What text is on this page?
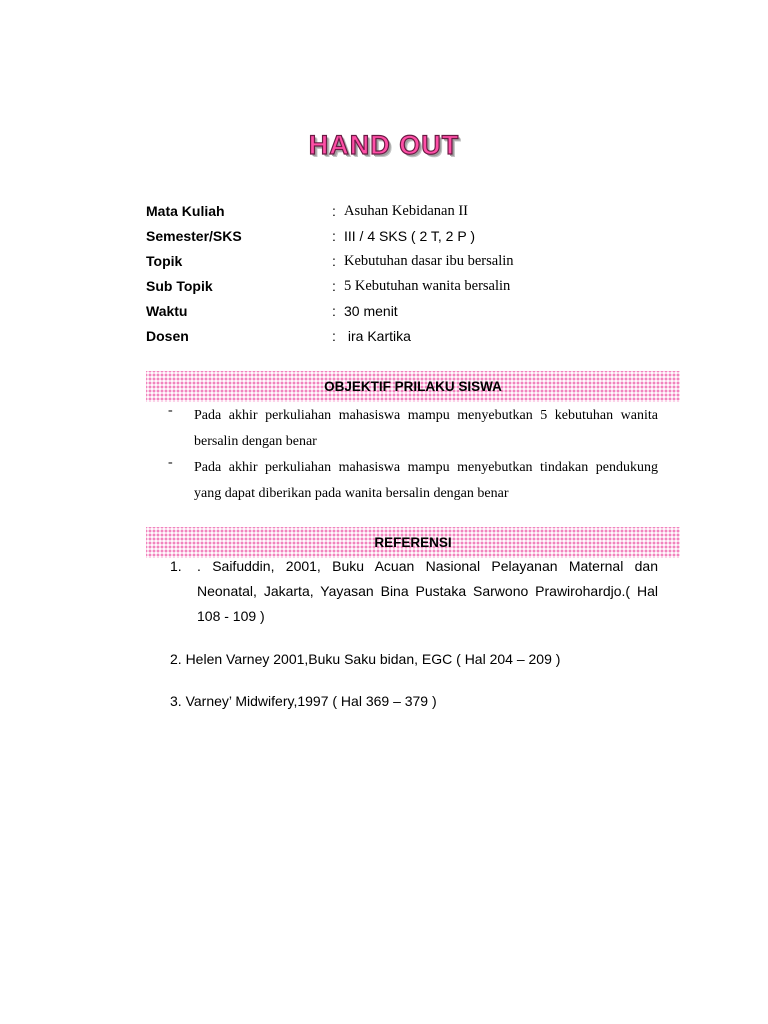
HAND OUT
Mata Kuliah	: Asuhan Kebidanan II
Semester/SKS	: III / 4 SKS ( 2 T, 2 P )
Topik	: Kebutuhan dasar ibu bersalin
Sub Topik	: 5 Kebutuhan wanita bersalin
Waktu	: 30 menit
Dosen	: ira Kartika
OBJEKTIF PRILAKU SISWA
- Pada akhir perkuliahan mahasiswa mampu menyebutkan 5 kebutuhan wanita bersalin dengan benar
- Pada akhir perkuliahan mahasiswa mampu menyebutkan tindakan pendukung yang dapat diberikan pada wanita bersalin dengan benar
REFERENSI
1. . Saifuddin, 2001, Buku Acuan Nasional Pelayanan Maternal dan Neonatal, Jakarta, Yayasan Bina Pustaka Sarwono Prawirohardjo.( Hal 108 - 109 )
2. Helen Varney 2001,Buku Saku bidan, EGC ( Hal 204 – 209 )
3. Varney’ Midwifery,1997 ( Hal 369 – 379 )
